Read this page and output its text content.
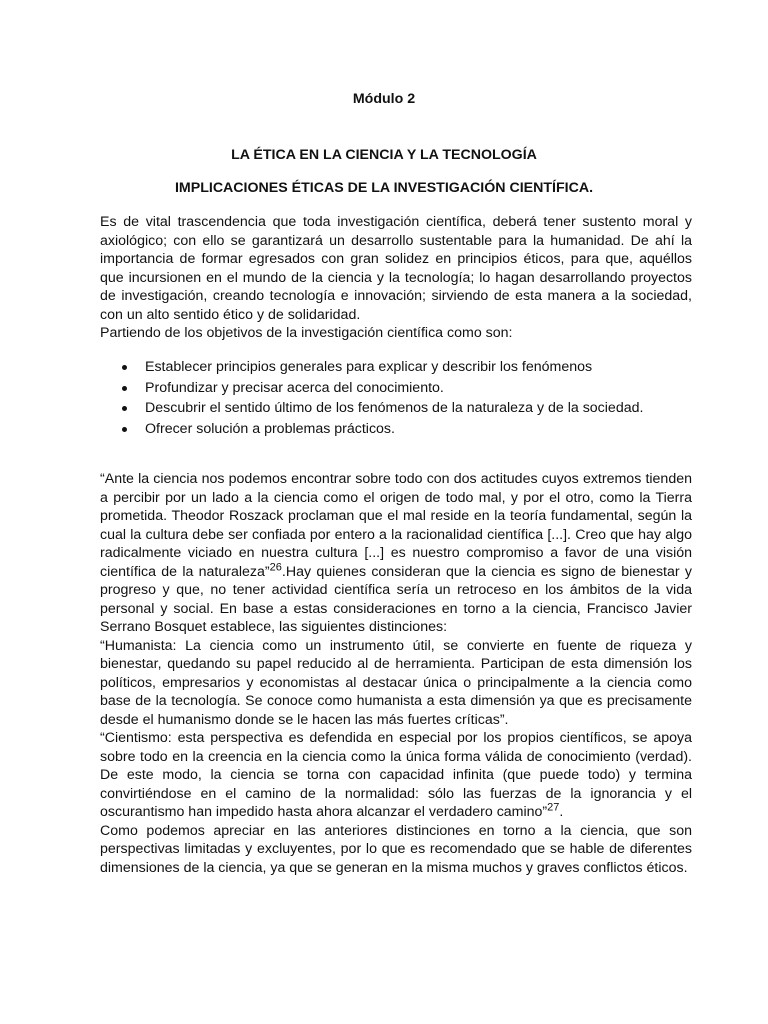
Módulo 2
LA ÉTICA EN LA CIENCIA Y LA TECNOLOGÍA
IMPLICACIONES ÉTICAS DE LA INVESTIGACIÓN CIENTÍFICA.

Es de vital trascendencia que toda investigación científica, deberá tener sustento moral y axiológico; con ello se garantizará un desarrollo sustentable para la humanidad. De ahí la importancia de formar egresados con gran solidez en principios éticos, para que, aquéllos que incursionen en el mundo de la ciencia y la tecnología; lo hagan desarrollando proyectos de investigación, creando tecnología e innovación; sirviendo de esta manera a la sociedad, con un alto sentido ético y de solidaridad.
Partiendo de los objetivos de la investigación científica como son:

Establecer principios generales para explicar y describir los fenómenos
Profundizar y precisar acerca del conocimiento.
Descubrir el sentido último de los fenómenos de la naturaleza y de la sociedad.
Ofrecer solución a problemas prácticos.

“Ante la ciencia nos podemos encontrar sobre todo con dos actitudes cuyos extremos tienden a percibir por un lado a la ciencia como el origen de todo mal, y por el otro, como la Tierra prometida. Theodor Roszack proclaman que el mal reside en la teoría fundamental, según la cual la cultura debe ser confiada por entero a la racionalidad científica [...]. Creo que hay algo radicalmente viciado en nuestra cultura [...] es nuestro compromiso a favor de una visión científica de la naturaleza”$^{26}$.Hay quienes consideran que la ciencia es signo de bienestar y progreso y que, no tener actividad científica sería un retroceso en los ámbitos de la vida personal y social. En base a estas consideraciones en torno a la ciencia, Francisco Javier Serrano Bosquet establece, las siguientes distinciones:
“Humanista: La ciencia como un instrumento útil, se convierte en fuente de riqueza y bienestar, quedando su papel reducido al de herramienta. Participan de esta dimensión los políticos, empresarios y economistas al destacar única o principalmente a la ciencia como base de la tecnología. Se conoce como humanista a esta dimensión ya que es precisamente desde el humanismo donde se le hacen las más fuertes críticas”.
“Cientismo: esta perspectiva es defendida en especial por los propios científicos, se apoya sobre todo en la creencia en la ciencia como la única forma válida de conocimiento (verdad). De este modo, la ciencia se torna con capacidad infinita (que puede todo) y termina convirtiéndose en el camino de la normalidad: sólo las fuerzas de la ignorancia y el oscurantismo han impedido hasta ahora alcanzar el verdadero camino”$^{27}$.
Como podemos apreciar en las anteriores distinciones en torno a la ciencia, que son perspectivas limitadas y excluyentes, por lo que es recomendado que se hable de diferentes dimensiones de la ciencia, ya que se generan en la misma muchos y graves conflictos éticos.
